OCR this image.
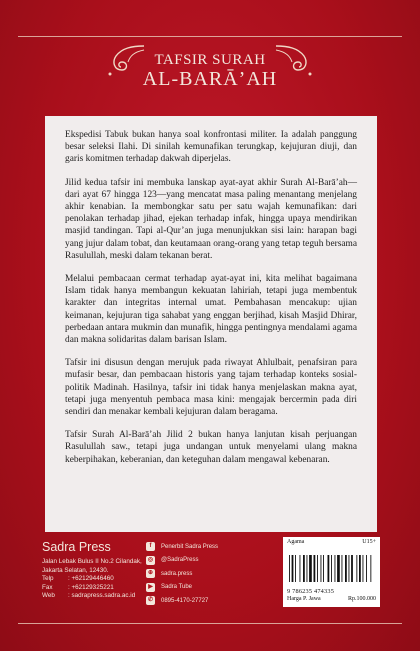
TAFSIR SURAH
AL-BARĀ’AH

Ekspedisi Tabuk bukan hanya soal konfrontasi militer. Ia adalah panggung besar seleksi Ilahi. Di sinilah kemunafikan terungkap, kejujuran diuji, dan garis komitmen terhadap dakwah diperjelas.

Jilid kedua tafsir ini membuka lanskap ayat-ayat akhir Surah Al-Barā’ah—dari ayat 67 hingga 123—yang mencatat masa paling menantang menjelang akhir kenabian. Ia membongkar satu per satu wajah kemunafikan: dari penolakan terhadap jihad, ejekan terhadap infak, hingga upaya mendirikan masjid tandingan. Tapi al-Qur’an juga menunjukkan sisi lain: harapan bagi yang jujur dalam tobat, dan keutamaan orang-orang yang tetap teguh bersama Rasulullah, meski dalam tekanan berat.

Melalui pembacaan cermat terhadap ayat-ayat ini, kita melihat bagaimana Islam tidak hanya membangun kekuatan lahiriah, tetapi juga membentuk karakter dan integritas internal umat. Pembahasan mencakup: ujian keimanan, kejujuran tiga sahabat yang enggan berjihad, kisah Masjid Dhirar, perbedaan antara mukmin dan munafik, hingga pentingnya mendalami agama dan makna solidaritas dalam barisan Islam.

Tafsir ini disusun dengan merujuk pada riwayat Ahlulbait, penafsiran para mufasir besar, dan pembacaan historis yang tajam terhadap konteks sosial-politik Madinah. Hasilnya, tafsir ini tidak hanya menjelaskan makna ayat, tetapi juga menyentuh pembaca masa kini: mengajak bercermin pada diri sendiri dan menakar kembali kejujuran dalam beragama.

Tafsir Surah Al-Barā’ah Jilid 2 bukan hanya lanjutan kisah perjuangan Rasulullah saw., tetapi juga undangan untuk menyelami ulang makna keberpihakan, keberanian, dan keteguhan dalam mengawal kebenaran.

Sadra Press
Jalan Lebak Bulus II No.2 Cilandak,
Jakarta Selatan, 12430.
Telp	: +62129446460
Fax	: +62129325221
Web	: sadrapress.sadra.ac.id
f	Penerbit Sadra Press
◎	@SadraPress
⊕	sadra.press
▶	Sadra Tube
✆	0895-4170-27727
Agama	U15+
9 786235 474335
Harga P. Jawa	Rp.100.000
